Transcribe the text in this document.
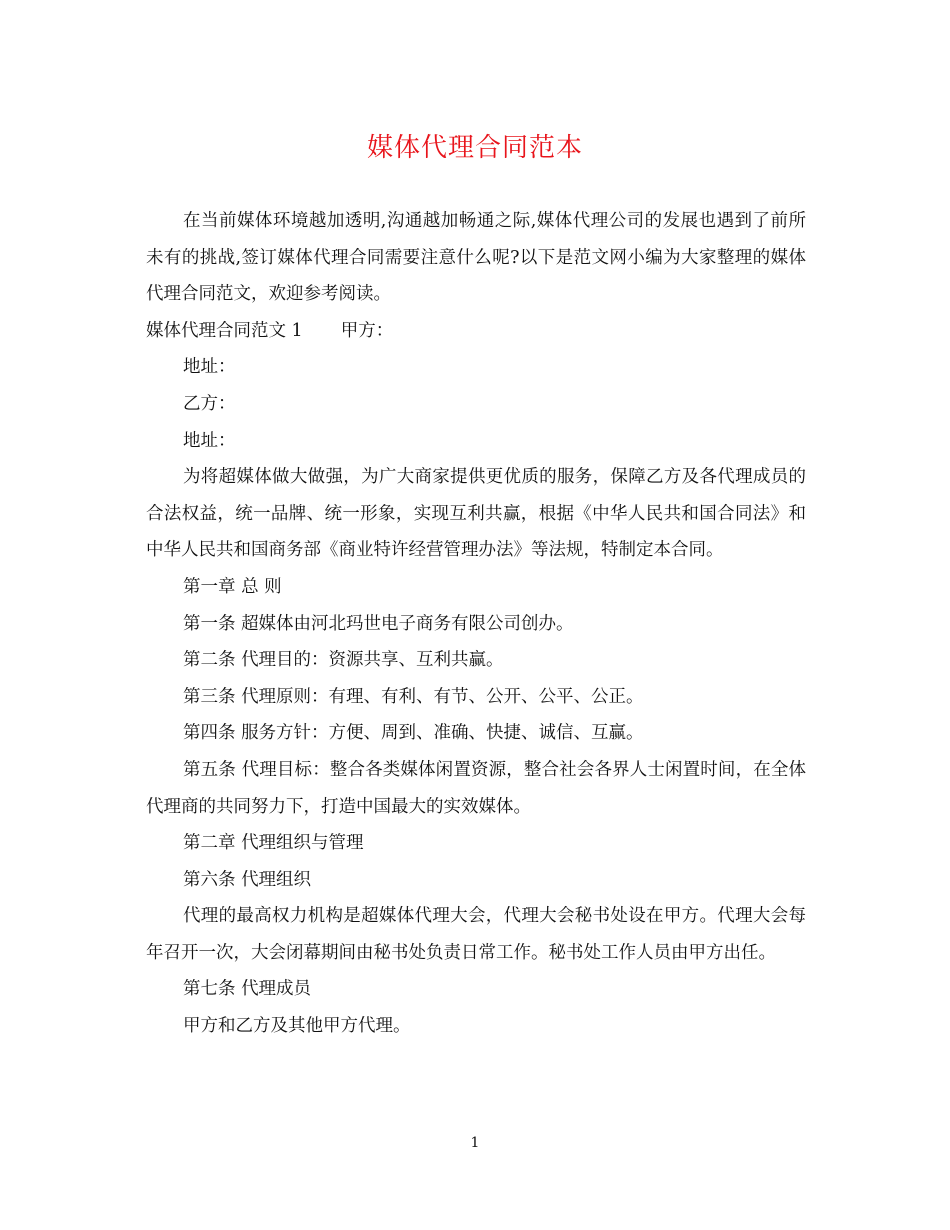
媒体代理合同范本

在当前媒体环境越加透明,沟通越加畅通之际,媒体代理公司的发展也遇到了前所未有的挑战,签订媒体代理合同需要注意什么呢?以下是范文网小编为大家整理的媒体代理合同范文，欢迎参考阅读。

媒体代理合同范文 1 甲方：

地址：

乙方：

地址：

为将超媒体做大做强，为广大商家提供更优质的服务，保障乙方及各代理成员的合法权益，统一品牌、统一形象，实现互利共赢，根据《中华人民共和国合同法》和中华人民共和国商务部《商业特许经营管理办法》等法规，特制定本合同。

第一章 总 则

第一条 超媒体由河北玛世电子商务有限公司创办。

第二条 代理目的：资源共享、互利共赢。

第三条 代理原则：有理、有利、有节、公开、公平、公正。

第四条 服务方针：方便、周到、准确、快捷、诚信、互赢。

第五条 代理目标：整合各类媒体闲置资源，整合社会各界人士闲置时间，在全体代理商的共同努力下，打造中国最大的实效媒体。

第二章 代理组织与管理

第六条 代理组织

代理的最高权力机构是超媒体代理大会，代理大会秘书处设在甲方。代理大会每年召开一次，大会闭幕期间由秘书处负责日常工作。秘书处工作人员由甲方出任。

第七条 代理成员

甲方和乙方及其他甲方代理。

1
